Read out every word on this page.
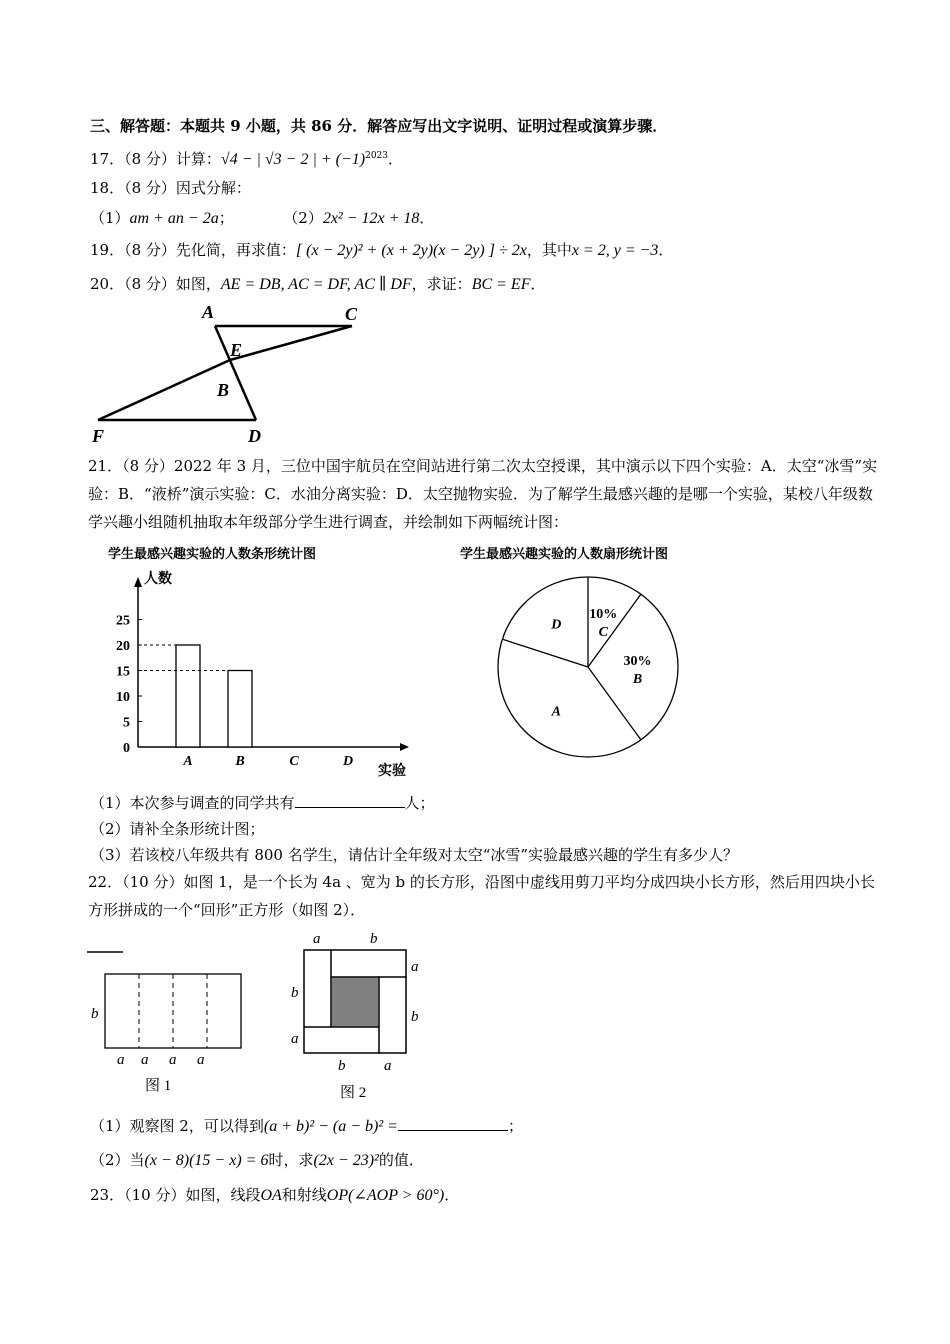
三、解答题：本题共 9 小题，共 86 分．解答应写出文字说明、证明过程或演算步骤．
17．（8 分）计算：√4 − | √3 − 2 | + $(-1)^{2023}$．
18．（8 分）因式分解：
（1）am + an − 2a；	（2）2x² − 12x + 18．
19．（8 分）先化简，再求值：[ (x − 2y)² + (x + 2y)(x − 2y) ] ÷ 2x，其中x = 2, y = −3．
20．（8 分）如图，AE = DB, AC = DF, AC ∥ DF，求证：BC = EF．
A	C
E
B
F	D
21．（8 分）2022 年 3 月，三位中国宇航员在空间站进行第二次太空授课，其中演示以下四个实验：A．太空“冰雪”实验：B．“液桥”演示实验：C．水油分离实验：D．太空抛物实验．为了解学生最感兴趣的是哪一个实验，某校八年级数学兴趣小组随机抽取本年级部分学生进行调查，并绘制如下两幅统计图：
学生最感兴趣实验的人数条形统计图	学生最感兴趣实验的人数扇形统计图
人数
实验
0
5
10
15
20
25
A	B	C	D
10%
C
30%
B
A
D
（1）本次参与调查的同学共有	人；
（2）请补全条形统计图；
（3）若该校八年级共有 800 名学生，请估计全年级对太空“冰雪”实验最感兴趣的学生有多少人？
22．（10 分）如图 1，是一个长为 4a 、宽为 b 的长方形，沿图中虚线用剪刀平均分成四块小长方形，然后用四块小长方形拼成的一个“回形”正方形（如图 2）．
b
a a a a
图 1
a	b
a
b
b
a
b	a
图 2
（1）观察图 2，可以得到(a + b)² − (a − b)² =	；
（2）当(x − 8)(15 − x) = 6时，求(2x − 23)²的值．
23．（10 分）如图，线段OA和射线OP(∠AOP > 60°)．
